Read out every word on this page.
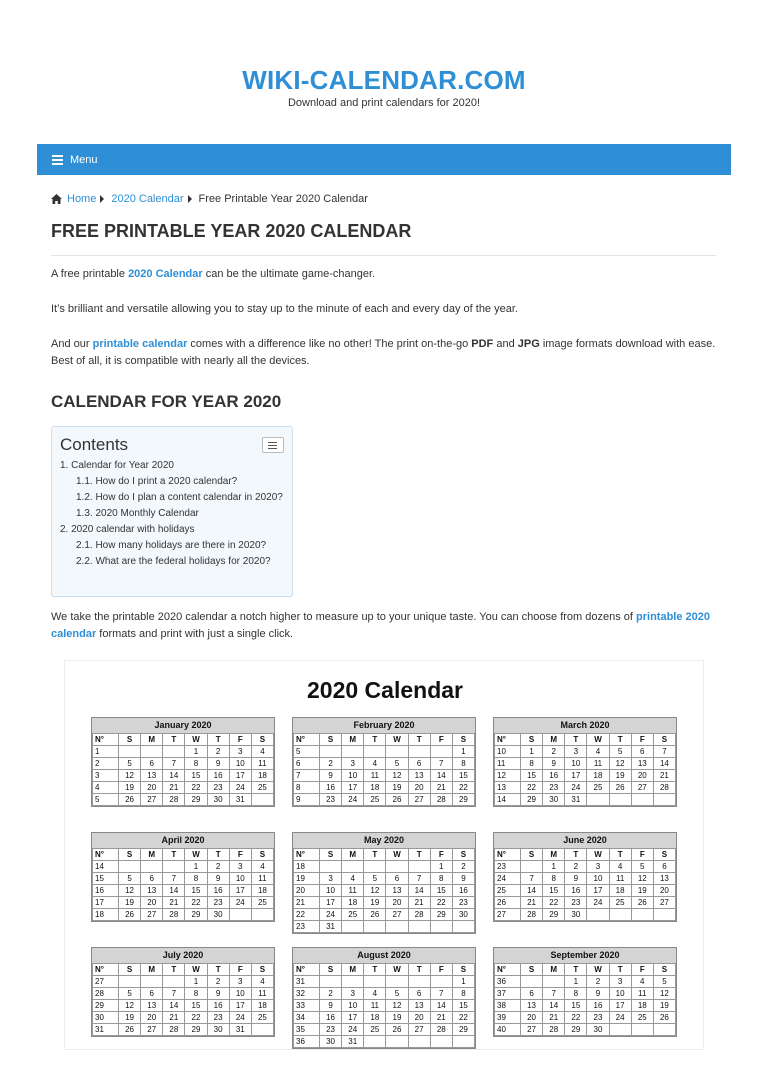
WIKI-CALENDAR.COM
Download and print calendars for 2020!
Menu
Home 2020 Calendar Free Printable Year 2020 Calendar
FREE PRINTABLE YEAR 2020 CALENDAR

A free printable 2020 Calendar can be the ultimate game-changer.

It’s brilliant and versatile allowing you to stay up to the minute of each and every day of the year.

And our printable calendar comes with a difference like no other! The print on-the-go PDF and JPG image formats download with ease. Best of all, it is compatible with nearly all the devices.

CALENDAR FOR YEAR 2020
Contents
1. Calendar for Year 2020
1.1. How do I print a 2020 calendar?
1.2. How do I plan a content calendar in 2020?
1.3. 2020 Monthly Calendar
2. 2020 calendar with holidays
2.1. How many holidays are there in 2020?
2.2. What are the federal holidays for 2020?

We take the printable 2020 calendar a notch higher to measure up to your unique taste. You can choose from dozens of printable 2020 calendar formats and print with just a single click.

2020 Calendar
January 2020
N°	S	M	T	W	T	F	S
1				1	2	3	4
2	5	6	7	8	9	10	11
3	12	13	14	15	16	17	18
4	19	20	21	22	23	24	25
5	26	27	28	29	30	31	
February 2020
N°	S	M	T	W	T	F	S
5							1
6	2	3	4	5	6	7	8
7	9	10	11	12	13	14	15
8	16	17	18	19	20	21	22
9	23	24	25	26	27	28	29
March 2020
N°	S	M	T	W	T	F	S
10	1	2	3	4	5	6	7
11	8	9	10	11	12	13	14
12	15	16	17	18	19	20	21
13	22	23	24	25	26	27	28
14	29	30	31				
April 2020
N°	S	M	T	W	T	F	S
14				1	2	3	4
15	5	6	7	8	9	10	11
16	12	13	14	15	16	17	18
17	19	20	21	22	23	24	25
18	26	27	28	29	30		
May 2020
N°	S	M	T	W	T	F	S
18						1	2
19	3	4	5	6	7	8	9
20	10	11	12	13	14	15	16
21	17	18	19	20	21	22	23
22	24	25	26	27	28	29	30
23	31						
June 2020
N°	S	M	T	W	T	F	S
23		1	2	3	4	5	6
24	7	8	9	10	11	12	13
25	14	15	16	17	18	19	20
26	21	22	23	24	25	26	27
27	28	29	30				
July 2020
N°	S	M	T	W	T	F	S
27				1	2	3	4
28	5	6	7	8	9	10	11
29	12	13	14	15	16	17	18
30	19	20	21	22	23	24	25
31	26	27	28	29	30	31	
August 2020
N°	S	M	T	W	T	F	S
31							1
32	2	3	4	5	6	7	8
33	9	10	11	12	13	14	15
34	16	17	18	19	20	21	22
35	23	24	25	26	27	28	29
36	30	31					
September 2020
N°	S	M	T	W	T	F	S
36			1	2	3	4	5
37	6	7	8	9	10	11	12
38	13	14	15	16	17	18	19
39	20	21	22	23	24	25	26
40	27	28	29	30			
